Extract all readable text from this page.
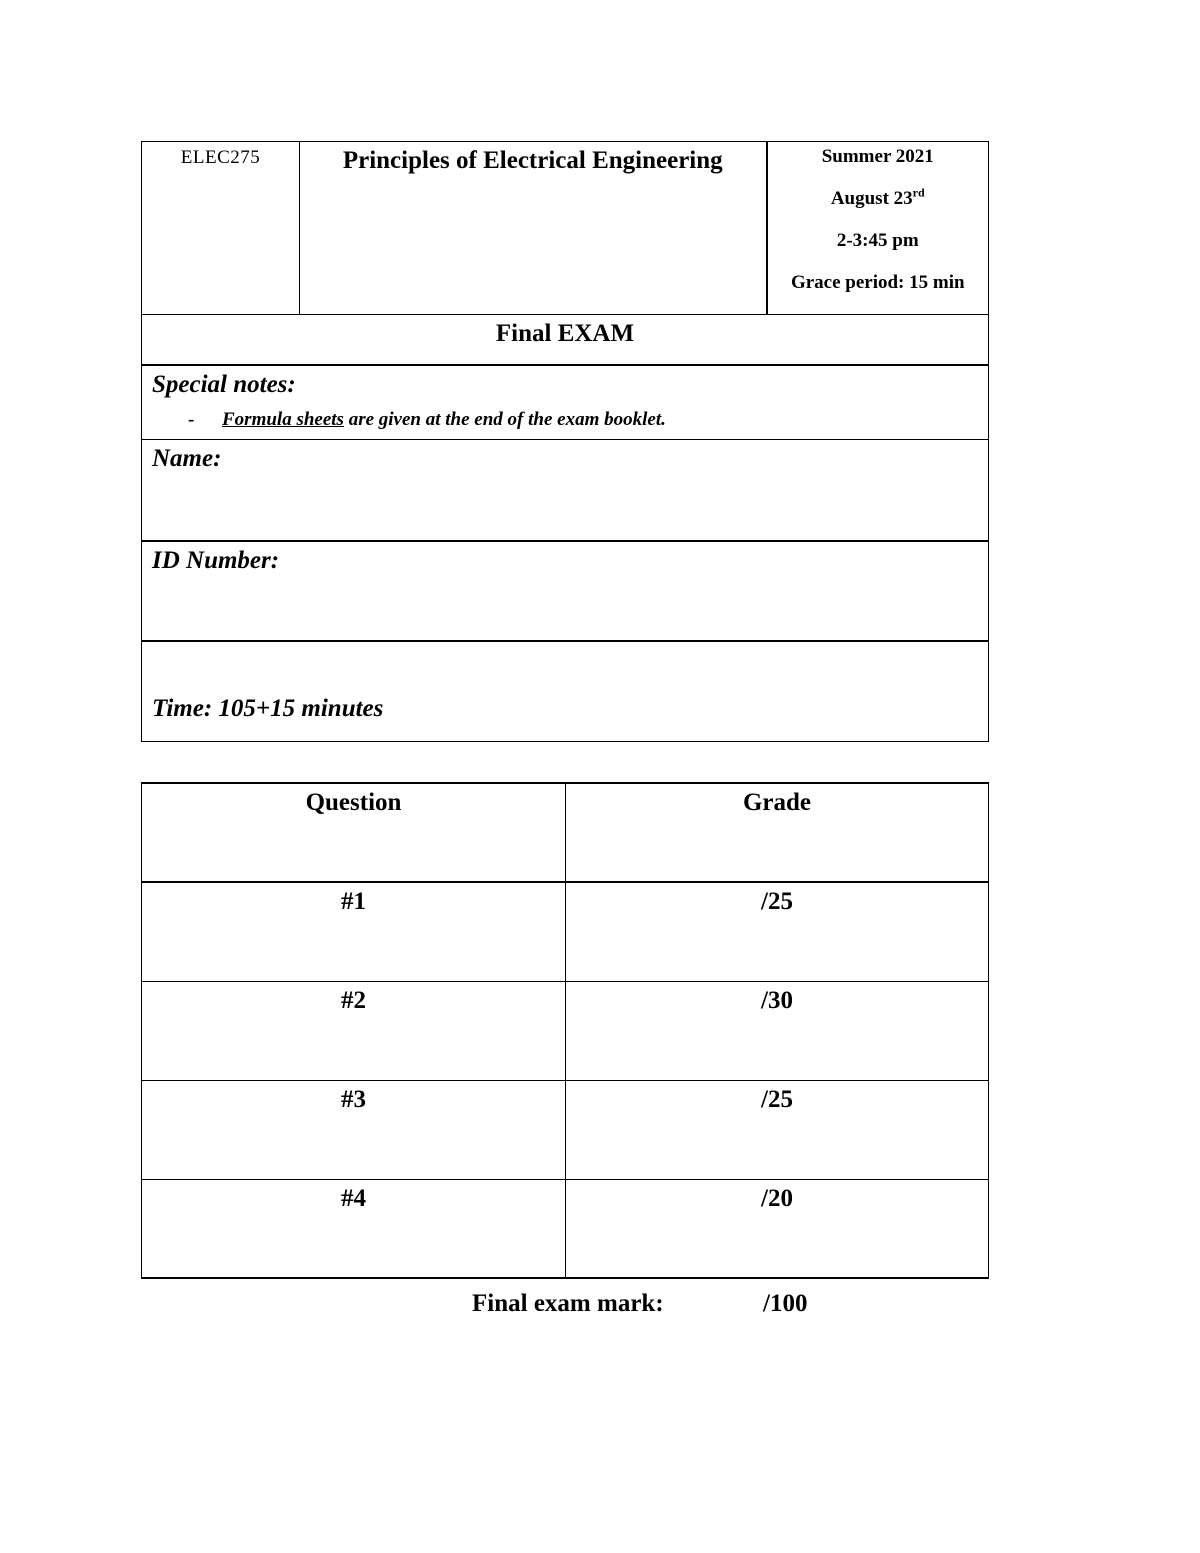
ELEC275	Principles of Electrical Engineering	Summer 2021
August 23rd
2-3:45 pm
Grace period: 15 min

Final EXAM

Special notes:
- Formula sheets are given at the end of the exam booklet.

Name:
ID Number:
Time: 105+15 minutes
Question	Grade
#1	/25
#2	/30
#3	/25
#4	/20
Final exam mark:	/100
